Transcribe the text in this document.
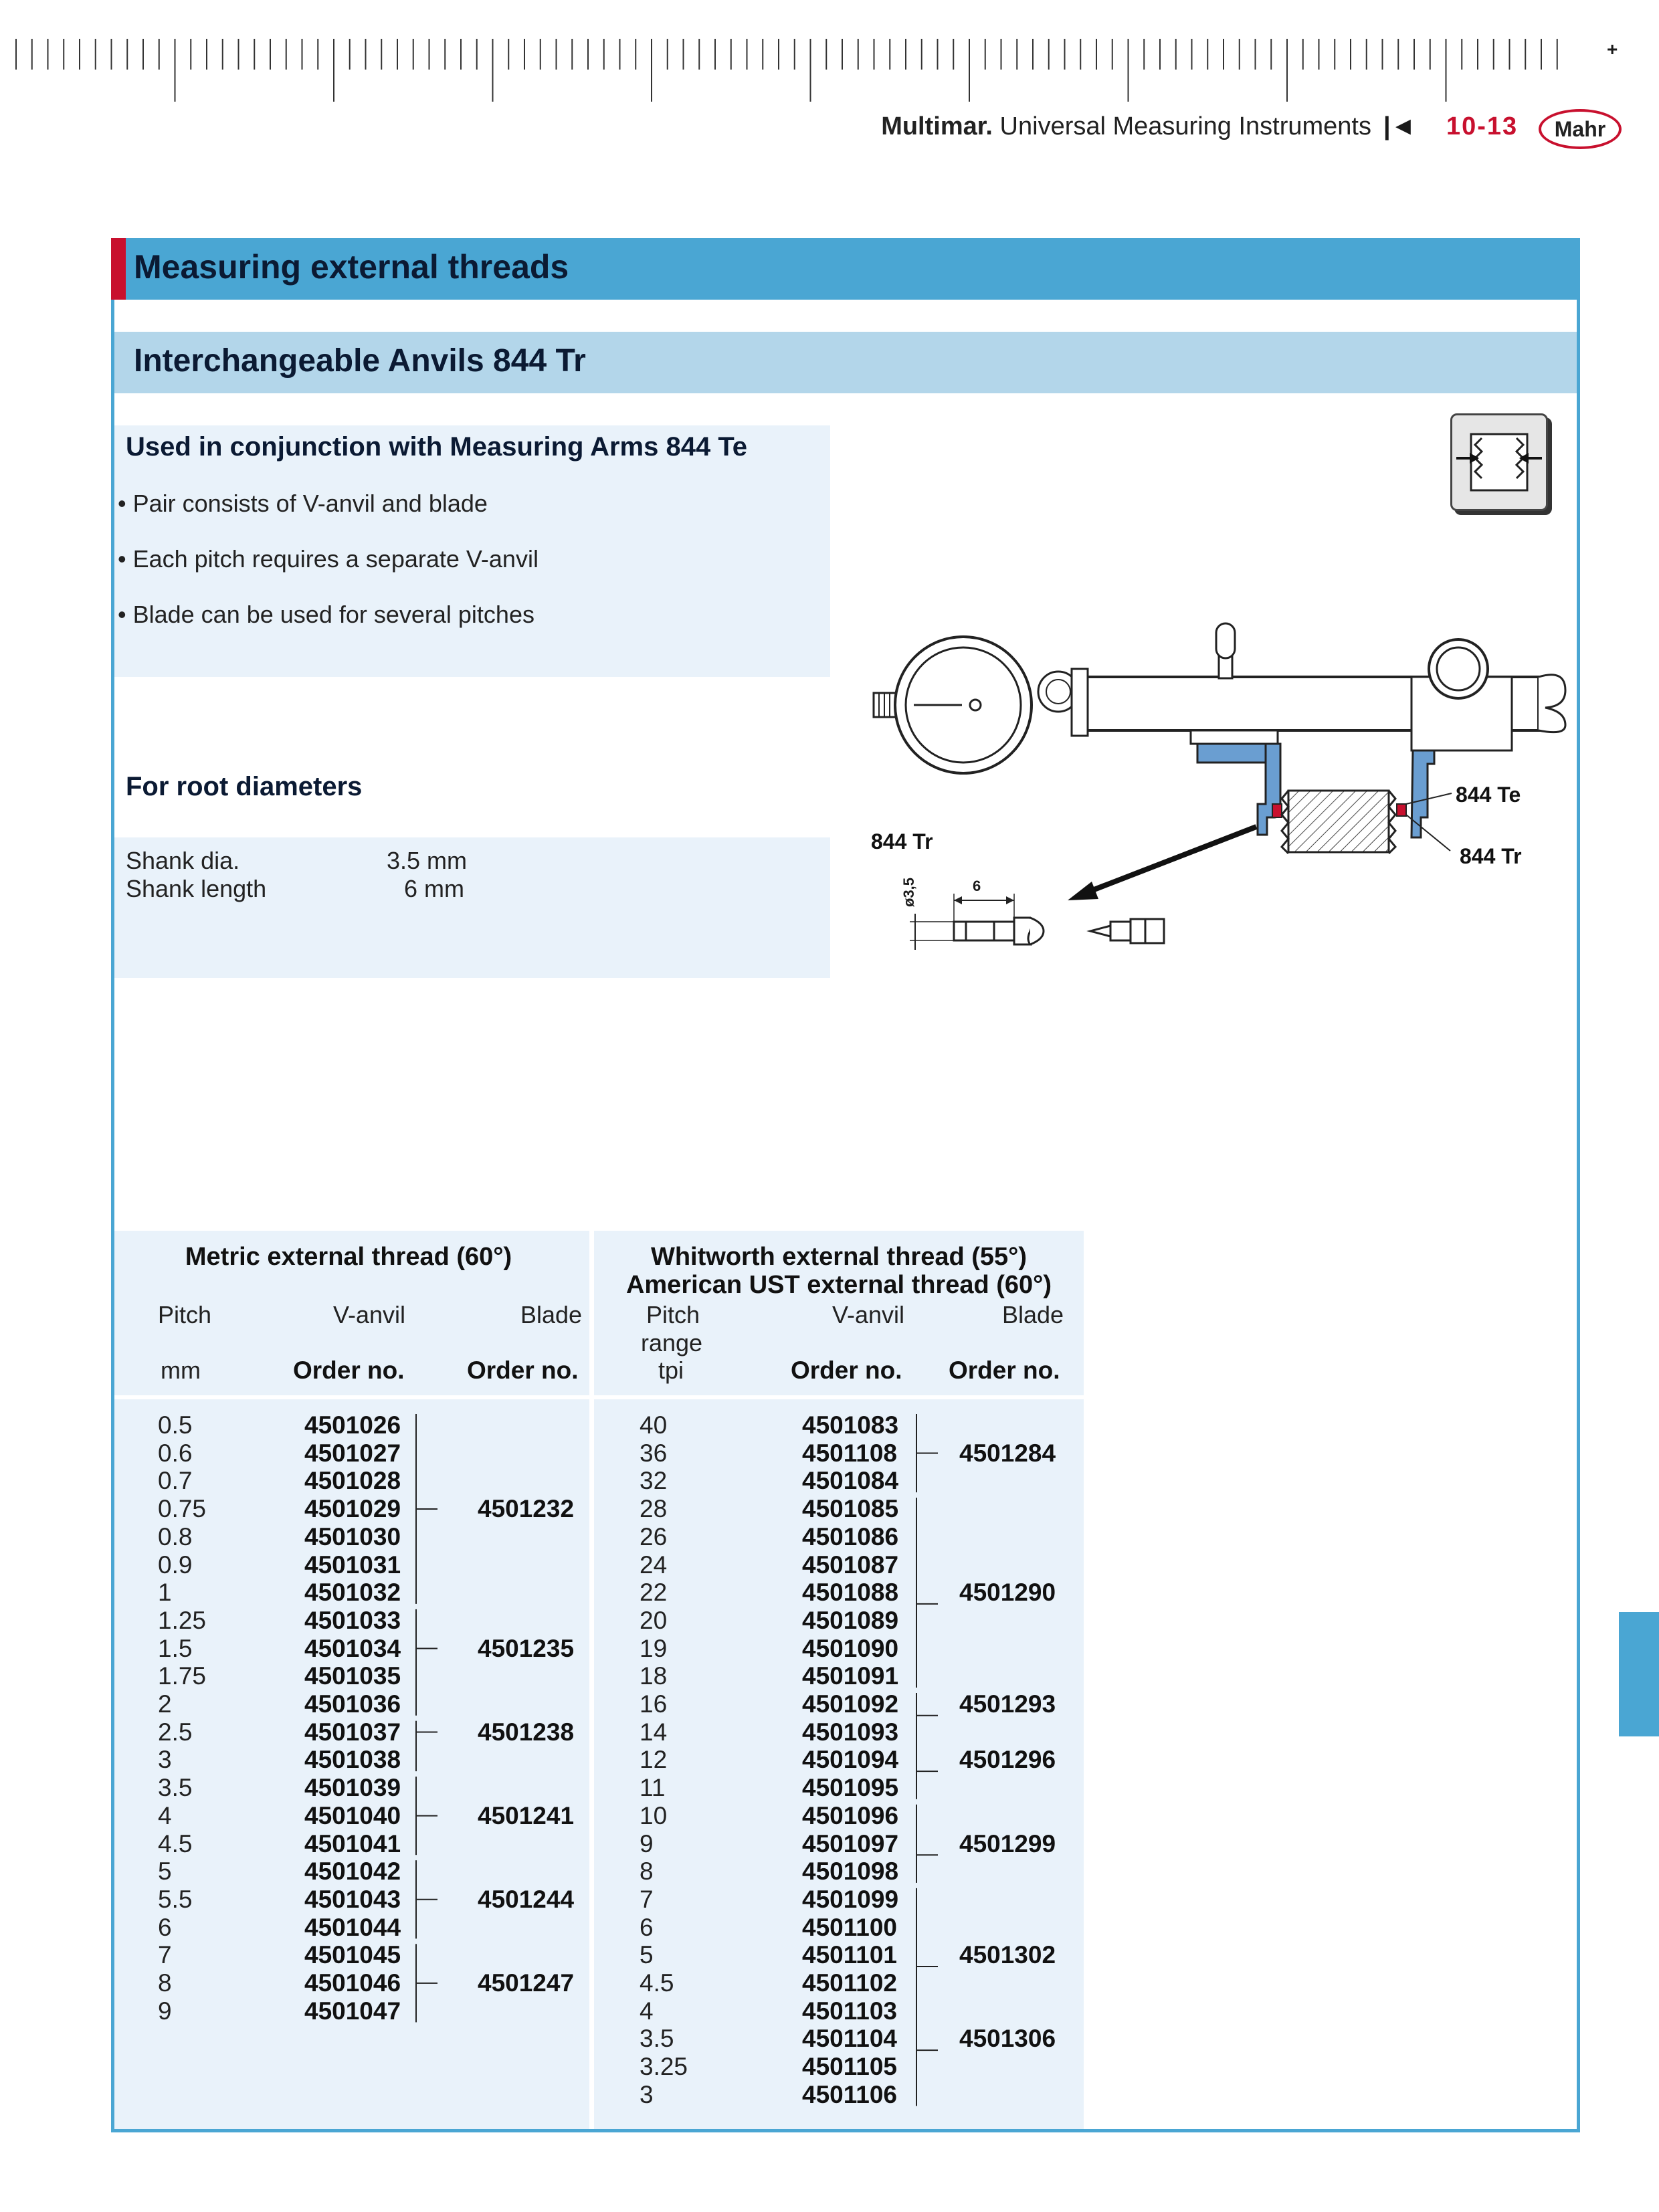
+
Multimar. Universal Measuring Instruments |◄ 10-13	Mahr
Measuring external threads
Interchangeable Anvils 844 Tr
Used in conjunction with Measuring Arms 844 Te
• Pair consists of V-anvil and blade
• Each pitch requires a separate V-anvil
• Blade can be used for several pitches
For root diameters
Shank dia.	3.5 mm
Shank length	6 mm
844 Te
844 Tr
844 Tr
ø3,5	6
Metric external thread (60°)
Pitch	V-anvil	Blade
mm	Order no.	Order no.
Whitworth external thread (55°)
American UST external thread (60°)
Pitch
range
V-anvil	Blade
tpi	Order no. Order no.
0.5	4501026
0.6	4501027
0.7	4501028
0.75	4501029	4501232
0.8	4501030
0.9	4501031
1	4501032
1.25	4501033
1.5	4501034	4501235
1.75	4501035
2	4501036
2.5	4501037	4501238
3	4501038
3.5	4501039
4	4501040	4501241
4.5	4501041
5	4501042
5.5	4501043	4501244
6	4501044
7	4501045
8	4501046	4501247
9	4501047
40	4501083
36	4501108	4501284
32	4501084
28	4501085
26	4501086
24	4501087
22	4501088 4501290
20	4501089
19	4501090
18	4501091
16	4501092 4501293
14	4501093
12	4501094 4501296
11	4501095
10	4501096
9	4501097 4501299
8	4501098
7	4501099
6	4501100
5	4501101	4501302
4.5	4501102
4	4501103
3.5	4501104	4501306
3.25	4501105
3	4501106
